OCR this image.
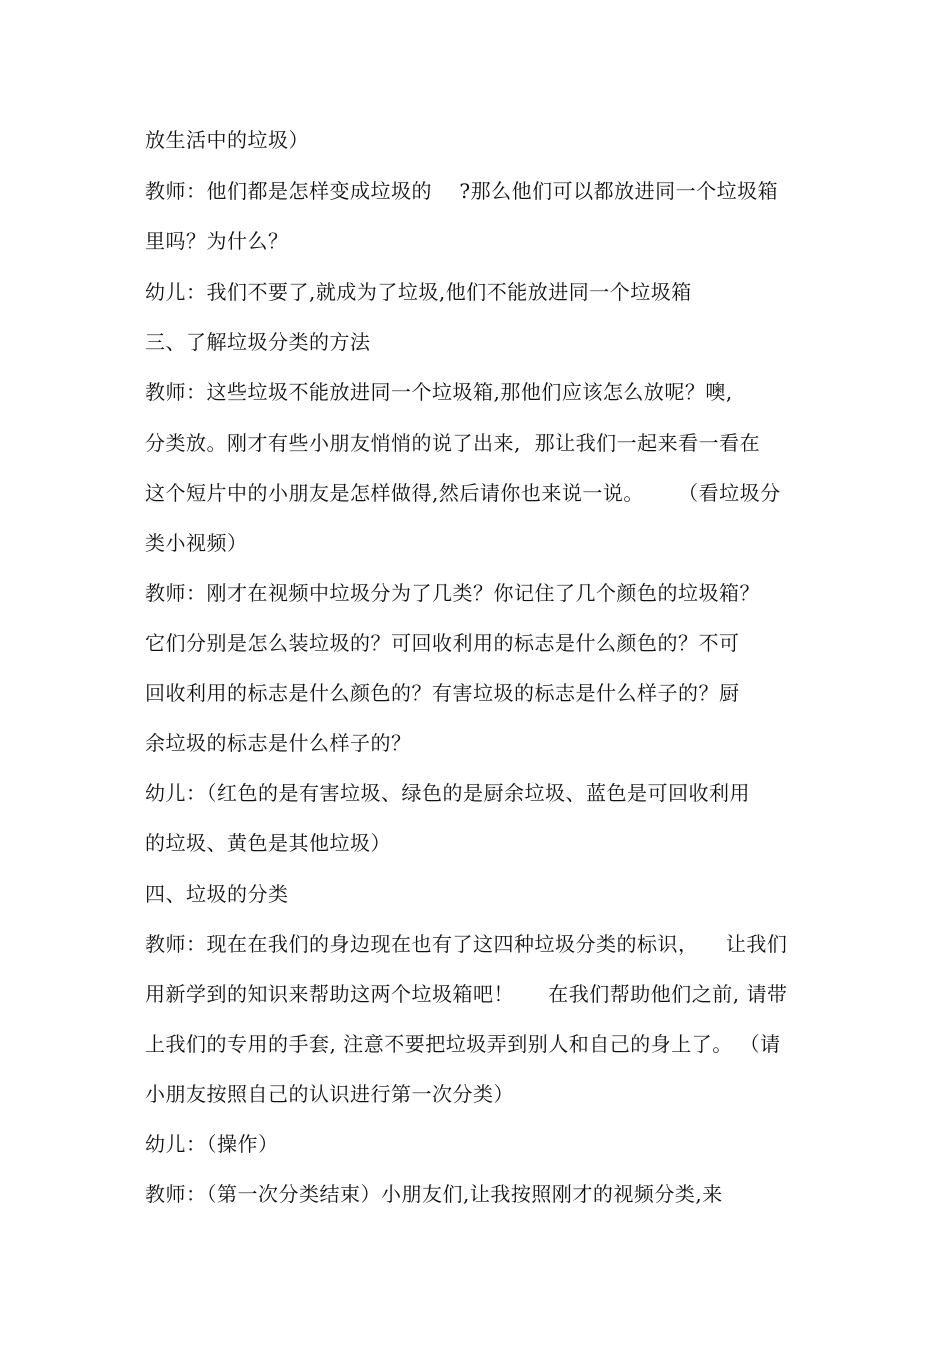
放生活中的垃圾）
教师：他们都是怎样变成垃圾的    ?那么他们可以都放进同一个垃圾箱
里吗？为什么？
幼儿：我们不要了,就成为了垃圾,他们不能放进同一个垃圾箱
三、了解垃圾分类的方法
教师：这些垃圾不能放进同一个垃圾箱,那他们应该怎么放呢？噢,
分类放。刚才有些小朋友悄悄的说了出来,  那让我们一起来看一看在
这个短片中的小朋友是怎样做得,然后请你也来说一说。     （看垃圾分
类小视频）
教师：刚才在视频中垃圾分为了几类？你记住了几个颜色的垃圾箱？
它们分别是怎么装垃圾的？可回收利用的标志是什么颜色的？不可
回收利用的标志是什么颜色的？有害垃圾的标志是什么样子的？厨
余垃圾的标志是什么样子的？
幼儿：（红色的是有害垃圾、绿色的是厨余垃圾、蓝色是可回收利用
的垃圾、黄色是其他垃圾）
四、垃圾的分类
教师：现在在我们的身边现在也有了这四种垃圾分类的标识，    让我们
用新学到的知识来帮助这两个垃圾箱吧！     在我们帮助他们之前, 请带
上我们的专用的手套, 注意不要把垃圾弄到别人和自己的身上了。 （请
小朋友按照自己的认识进行第一次分类）
幼儿：（操作）
教师：（第一次分类结束）小朋友们,让我按照刚才的视频分类,来
